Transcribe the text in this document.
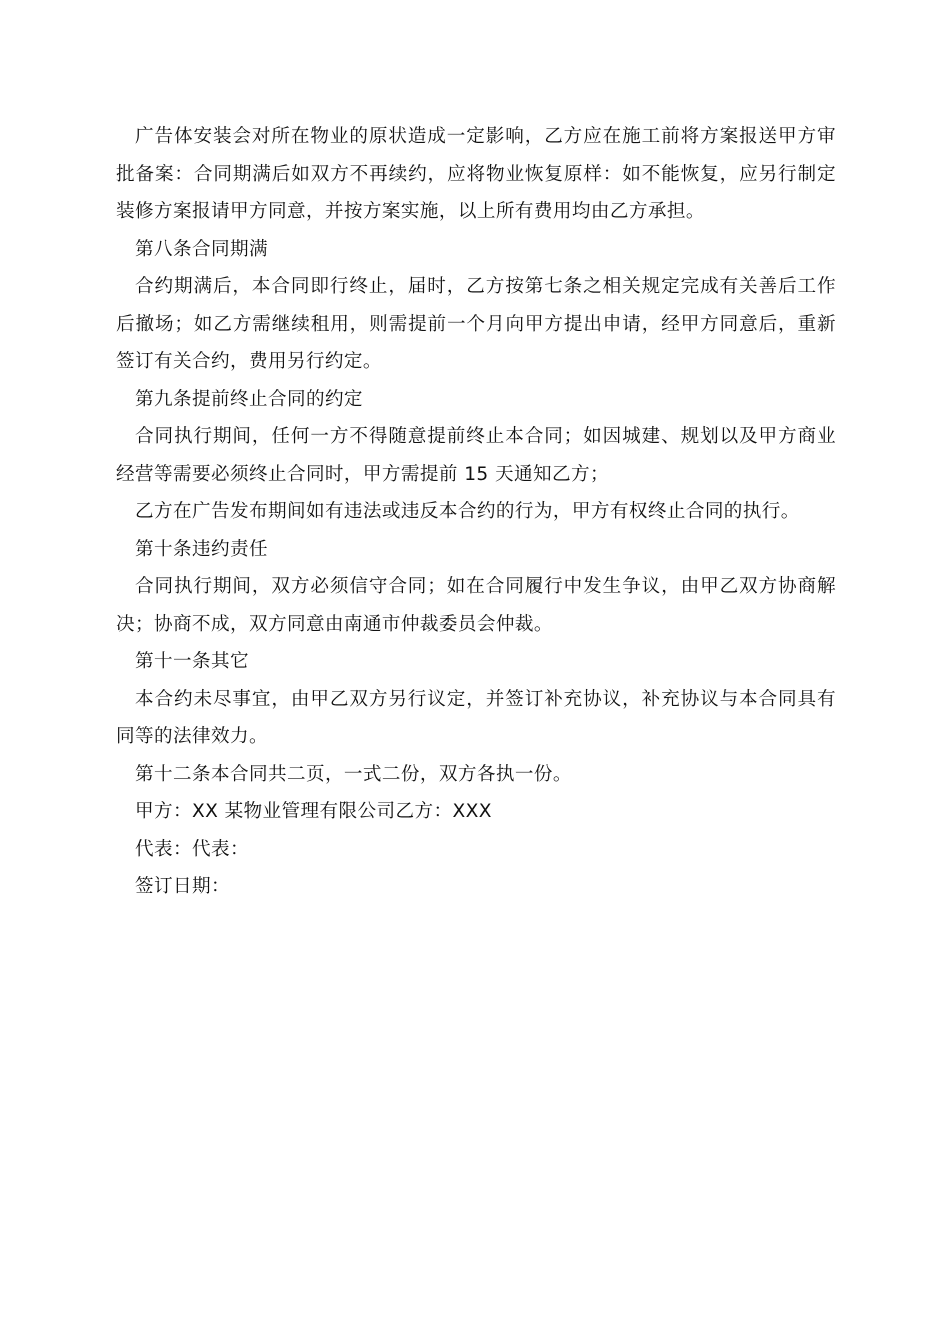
广告体安装会对所在物业的原状造成一定影响，乙方应在施工前将方案报送甲方审批备案：合同期满后如双方不再续约，应将物业恢复原样：如不能恢复，应另行制定装修方案报请甲方同意，并按方案实施，以上所有费用均由乙方承担。

第八条合同期满

合约期满后，本合同即行终止，届时，乙方按第七条之相关规定完成有关善后工作后撤场；如乙方需继续租用，则需提前一个月向甲方提出申请，经甲方同意后，重新签订有关合约，费用另行约定。

第九条提前终止合同的约定

合同执行期间，任何一方不得随意提前终止本合同；如因城建、规划以及甲方商业经营等需要必须终止合同时，甲方需提前 15 天通知乙方；

乙方在广告发布期间如有违法或违反本合约的行为，甲方有权终止合同的执行。

第十条违约责任

合同执行期间，双方必须信守合同；如在合同履行中发生争议，由甲乙双方协商解决；协商不成，双方同意由南通市仲裁委员会仲裁。

第十一条其它

本合约未尽事宜，由甲乙双方另行议定，并签订补充协议，补充协议与本合同具有同等的法律效力。

第十二条本合同共二页，一式二份，双方各执一份。

甲方：XX 某物业管理有限公司乙方：XXX

代表：代表：

签订日期：
